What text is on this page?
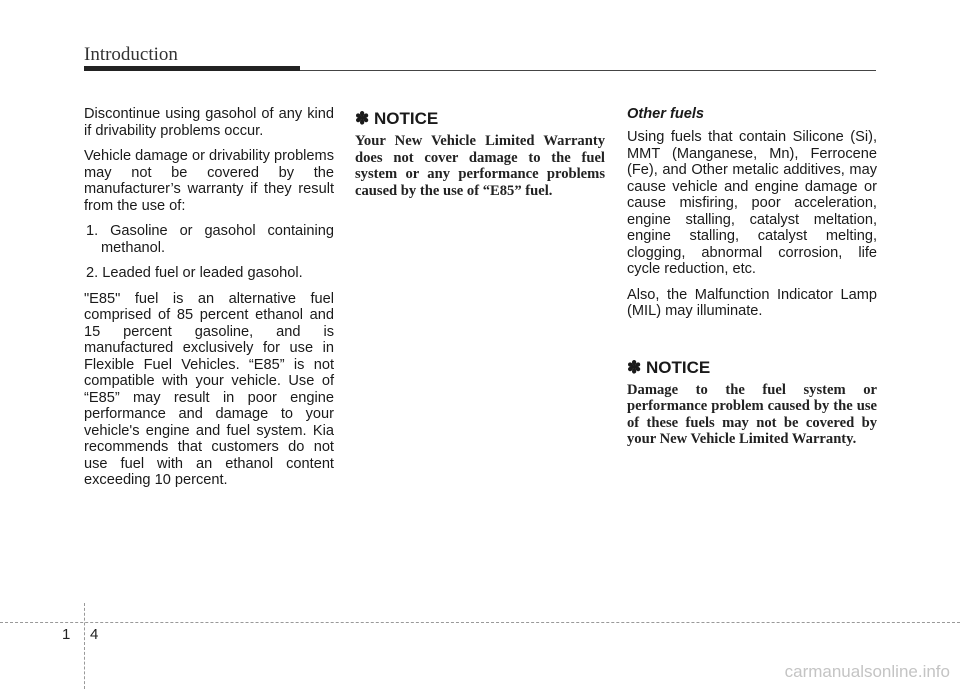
Introduction

Discontinue using gasohol of any kind if drivability problems occur.

Vehicle damage or drivability problems may not be covered by the manufacturer’s warranty if they result from the use of:

1. Gasoline or gasohol containing methanol.

2. Leaded fuel or leaded gasohol.

"E85" fuel is an alternative fuel comprised of 85 percent ethanol and 15 percent gasoline, and is manufactured exclusively for use in Flexible Fuel Vehicles. “E85” is not compatible with your vehicle. Use of “E85” may result in poor engine performance and damage to your vehicle's engine and fuel system. Kia recommends that customers do not use fuel with an ethanol content exceeding 10 percent.

✽ NOTICE

Your New Vehicle Limited Warranty does not cover damage to the fuel system or any performance problems caused by the use of “E85” fuel.

Other fuels

Using fuels that contain Silicone (Si), MMT (Manganese, Mn), Ferrocene (Fe), and Other metalic additives, may cause vehicle and engine damage or cause misfiring, poor acceleration, engine stalling, catalyst meltation, engine stalling, catalyst melting, clogging, abnormal corrosion, life cycle reduction, etc.

Also, the Malfunction Indicator Lamp (MIL) may illuminate.

✽ NOTICE

Damage to the fuel system or performance problem caused by the use of these fuels may not be covered by your New Vehicle Limited Warranty.

1 4
carmanualsonline.info
